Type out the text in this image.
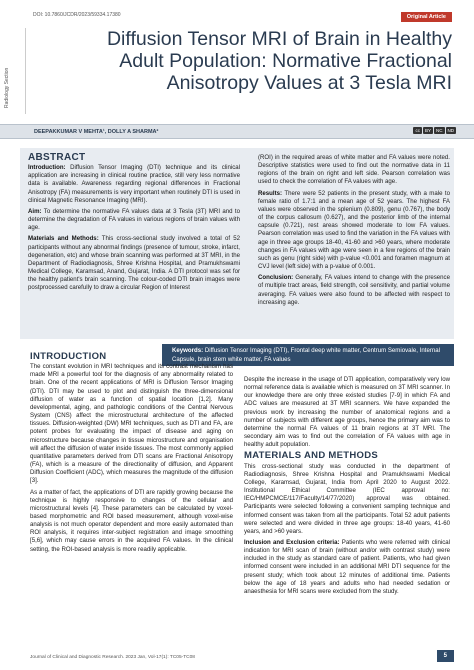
DOI: 10.7860/JCDR/2023/59334.17380	Original Article
Radiology Section
Diffusion Tensor MRI of Brain in Healthy
Adult Population: Normative Fractional
Anisotropy Values at 3 Tesla MRI
DEEPAKKUMAR V MEHTA¹, DOLLY A SHARMA²	cc	BY	NC	ND
ABSTRACT

Introduction: Diffusion Tensor Imaging (DTI) technique and its clinical application are increasing in clinical routine practice, still very less normative data is available. Awareness regarding regional differences in Fractional Anisotropy (FA) measurements is very important when routinely DTI is used in clinical Magnetic Resonance Imaging (MRI).

Aim: To determine the normative FA values data at 3 Tesla (3T) MRI and to determine the degradation of FA values in various regions of brain values with age.

Materials and Methods: This cross-sectional study involved a total of 52 participants without any abnormal findings (presence of tumour, stroke, infarct, degeneration, etc) and whose brain scanning was performed at 3T MRI, in the Department of Radiodiagnosis, Shree Krishna Hospital, and Pramukhswami Medical College, Karamsad, Anand, Gujarat, India. A DTI protocol was set for the healthy patient's brain scanning. The colour-coded DTI brain images were postprocessed carefully to draw a circular Region of Interest

(ROI) in the required areas of white matter and FA values were noted. Descriptive statistics were used to find out the normative data in 11 regions of the brain on right and left side. Pearson correlation was used to check the correlation of FA values with age.

Results: There were 52 patients in the present study, with a male to female ratio of 1.7:1 and a mean age of 52 years. The highest FA values were observed in the splenium (0.809), genu (0.767), the body of the corpus callosum (0.627), and the posterior limb of the internal capsule (0.721), rest areas showed moderate to low FA values. Pearson correlation was used to find the variation in the FA values with age in three age groups 18-40, 41-60 and >60 years, where moderate changes in FA values with age were seen in a few regions of the brain such as genu (right side) with p-value <0.001 and foramen magnum at CVJ level (left side) with a p-value of 0.001.

Conclusion: Generally, FA values intend to change with the presence of multiple tract areas, field strength, coil sensitivity, and partial volume averaging. FA values were also found to be affected with respect to increasing age.

Keywords: Diffusion Tensor Imaging (DTI), Frontal deep white matter, Centrum Semiovale, Internal Capsule, brain stem white matter, FA values
INTRODUCTION

The constant evolution in MRI techniques and its contrast mechanism has made MRI a powerful tool for the diagnosis of any abnormality related to brain. One of the recent applications of MRI is Diffusion Tensor Imaging (DTI). DTI may be used to plot and distinguish the three-dimensional diffusion of water as a function of spatial location [1,2]. Many developmental, aging, and pathologic conditions of the Central Nervous System (CNS) affect the microstructural architecture of the affected tissues. Diffusion-weighted (DW) MRI techniques, such as DTI and FA, are potent probes for evaluating the impact of disease and aging on microstructure because changes in tissue microstructure and organisation will affect the diffusion of water inside tissues. The most commonly applied quantitative parameters derived from DTI scans are Fractional Anisotropy (FA), which is a measure of the directionality of diffusion, and Apparent Diffusion Coefficient (ADC), which measures the magnitude of the diffusion [3].

As a matter of fact, the applications of DTI are rapidly growing because the technique is highly responsive to changes of the cellular and microstructural levels [4]. These parameters can be calculated by voxel-based morphometric and ROI based measurement, although voxel-wise analysis is not much operator dependent and more easily automated than ROI analysis, it requires inter-subject registration and image smoothing [5,6], which may cause errors in the acquired FA values. In the clinical setting, the ROI-based analysis is more readily applicable.

Despite the increase in the usage of DTI application, comparatively very low normal reference data is available which is measured on 3T MRI scanner. In our knowledge there are only three existed studies [7-9] in which FA and ADC values are measured at 3T MRI scanners. We have expanded the previous work by increasing the number of anatomical regions and a number of subjects with different age groups, hence the primary aim was to determine the normal FA values of 11 brain regions at 3T MRI. The secondary aim was to find out the correlation of FA values with age in healthy adult population.

MATERIALS AND METHODS

This cross-sectional study was conducted in the department of Radiodiagnosis, Shree Krishna Hospital and Pramukhswami Medical College, Karamsad, Gujarat, India from April 2020 to August 2022. Institutional Ethical Committee (IEC approval no: IEC/HMPCMCE/117/Faculty/14/77/2020) approval was obtained. Participants were selected following a convenient sampling technique and informed consent was taken from all the participants. Total 52 adult patients were selected and were divided in three age groups: 18-40 years, 41-60 years, and >60 years.

Inclusion and Exclusion criteria: Patients who were referred with clinical indication for MRI scan of brain (without and/or with contrast study) were included in the study as standard care of patient. Patients, who had given informed consent were included in an additional MRI DTI sequence for the present study; which took about 12 minutes of additional time. Patients below the age of 18 years and adults who had needed sedation or anaesthesia for MRI scans were excluded from the study.

Journal of Clinical and Diagnostic Research. 2023 Jan, Vol-17(1): TC05-TC08	5
